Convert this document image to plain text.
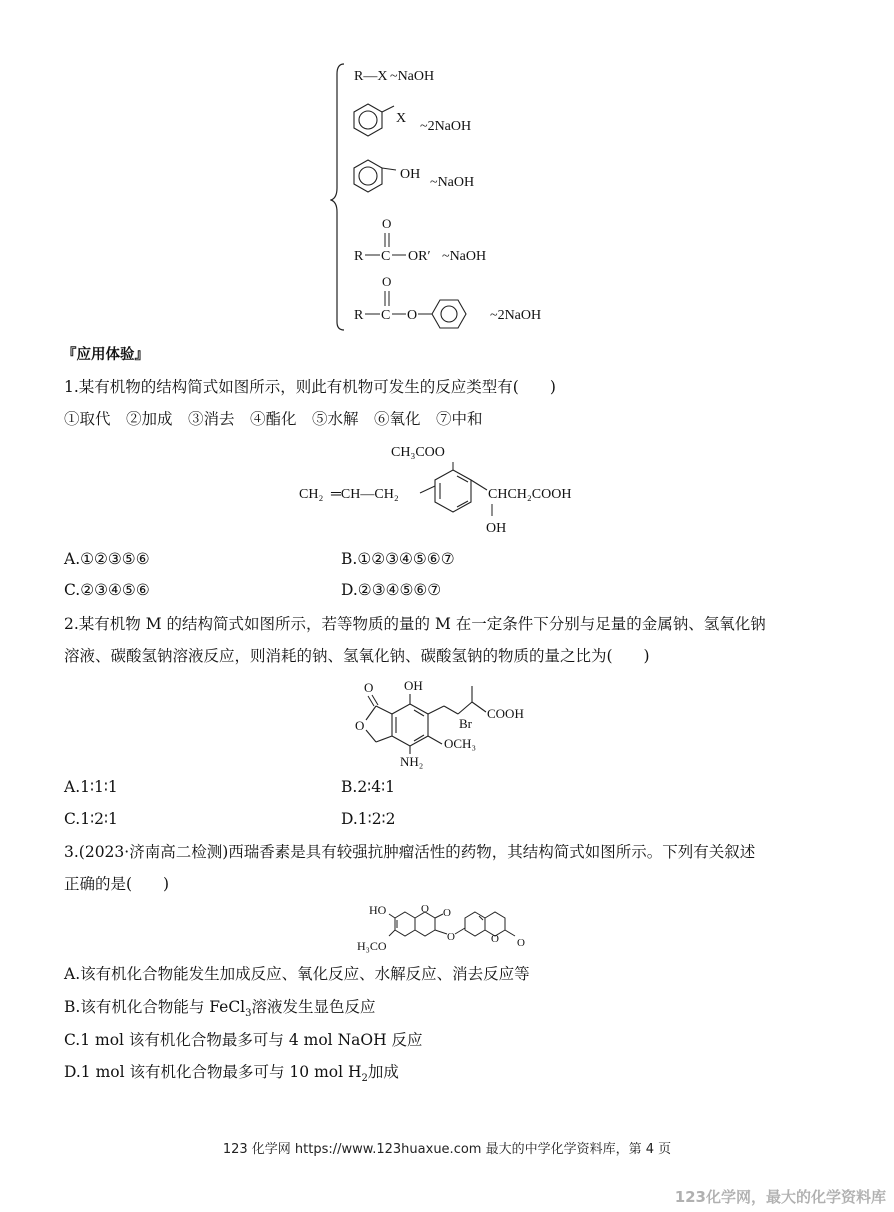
R—X ~NaOH
X
~2NaOH
OH
~NaOH
O
R C OR′ ~NaOH
O
R C O	~2NaOH
『应用体验』
1.某有机物的结构简式如图所示，则此有机物可发生的反应类型有(　　)
①取代　②加成　③消去　④酯化　⑤水解　⑥氧化　⑦中和
CH₃COO
CH₂ ═CH—CH₂	CHCH₂COOH
OH
A.①②③⑤⑥	B.①②③④⑤⑥⑦
C.②③④⑤⑥	D.②③④⑤⑥⑦
2.某有机物 M 的结构简式如图所示，若等物质的量的 M 在一定条件下分别与足量的金属钠、氢氧化钠
溶液、碳酸氢钠溶液反应，则消耗的钠、氢氧化钠、碳酸氢钠的物质的量之比为(　　)
O
O
OH
Br
COOH
OCH₃
NH₂
A.1∶1∶1	B.2∶4∶1
C.1∶2∶1	D.1∶2∶2
3.(2023·济南高二检测)西瑞香素是具有较强抗肿瘤活性的药物，其结构简式如图所示。下列有关叙述
正确的是(　　)
HO
H₃CO
O O
O	O O
A.该有机化合物能发生加成反应、氧化反应、水解反应、消去反应等
B.该有机化合物能与 FeCl$_3$溶液发生显色反应
C.1 mol 该有机化合物最多可与 4 mol NaOH 反应
D.1 mol 该有机化合物最多可与 10 mol $H_2$加成
123 化学网 https://www.123huaxue.com 最大的中学化学资料库，第 4 页
123化学网，最大的化学资料库
